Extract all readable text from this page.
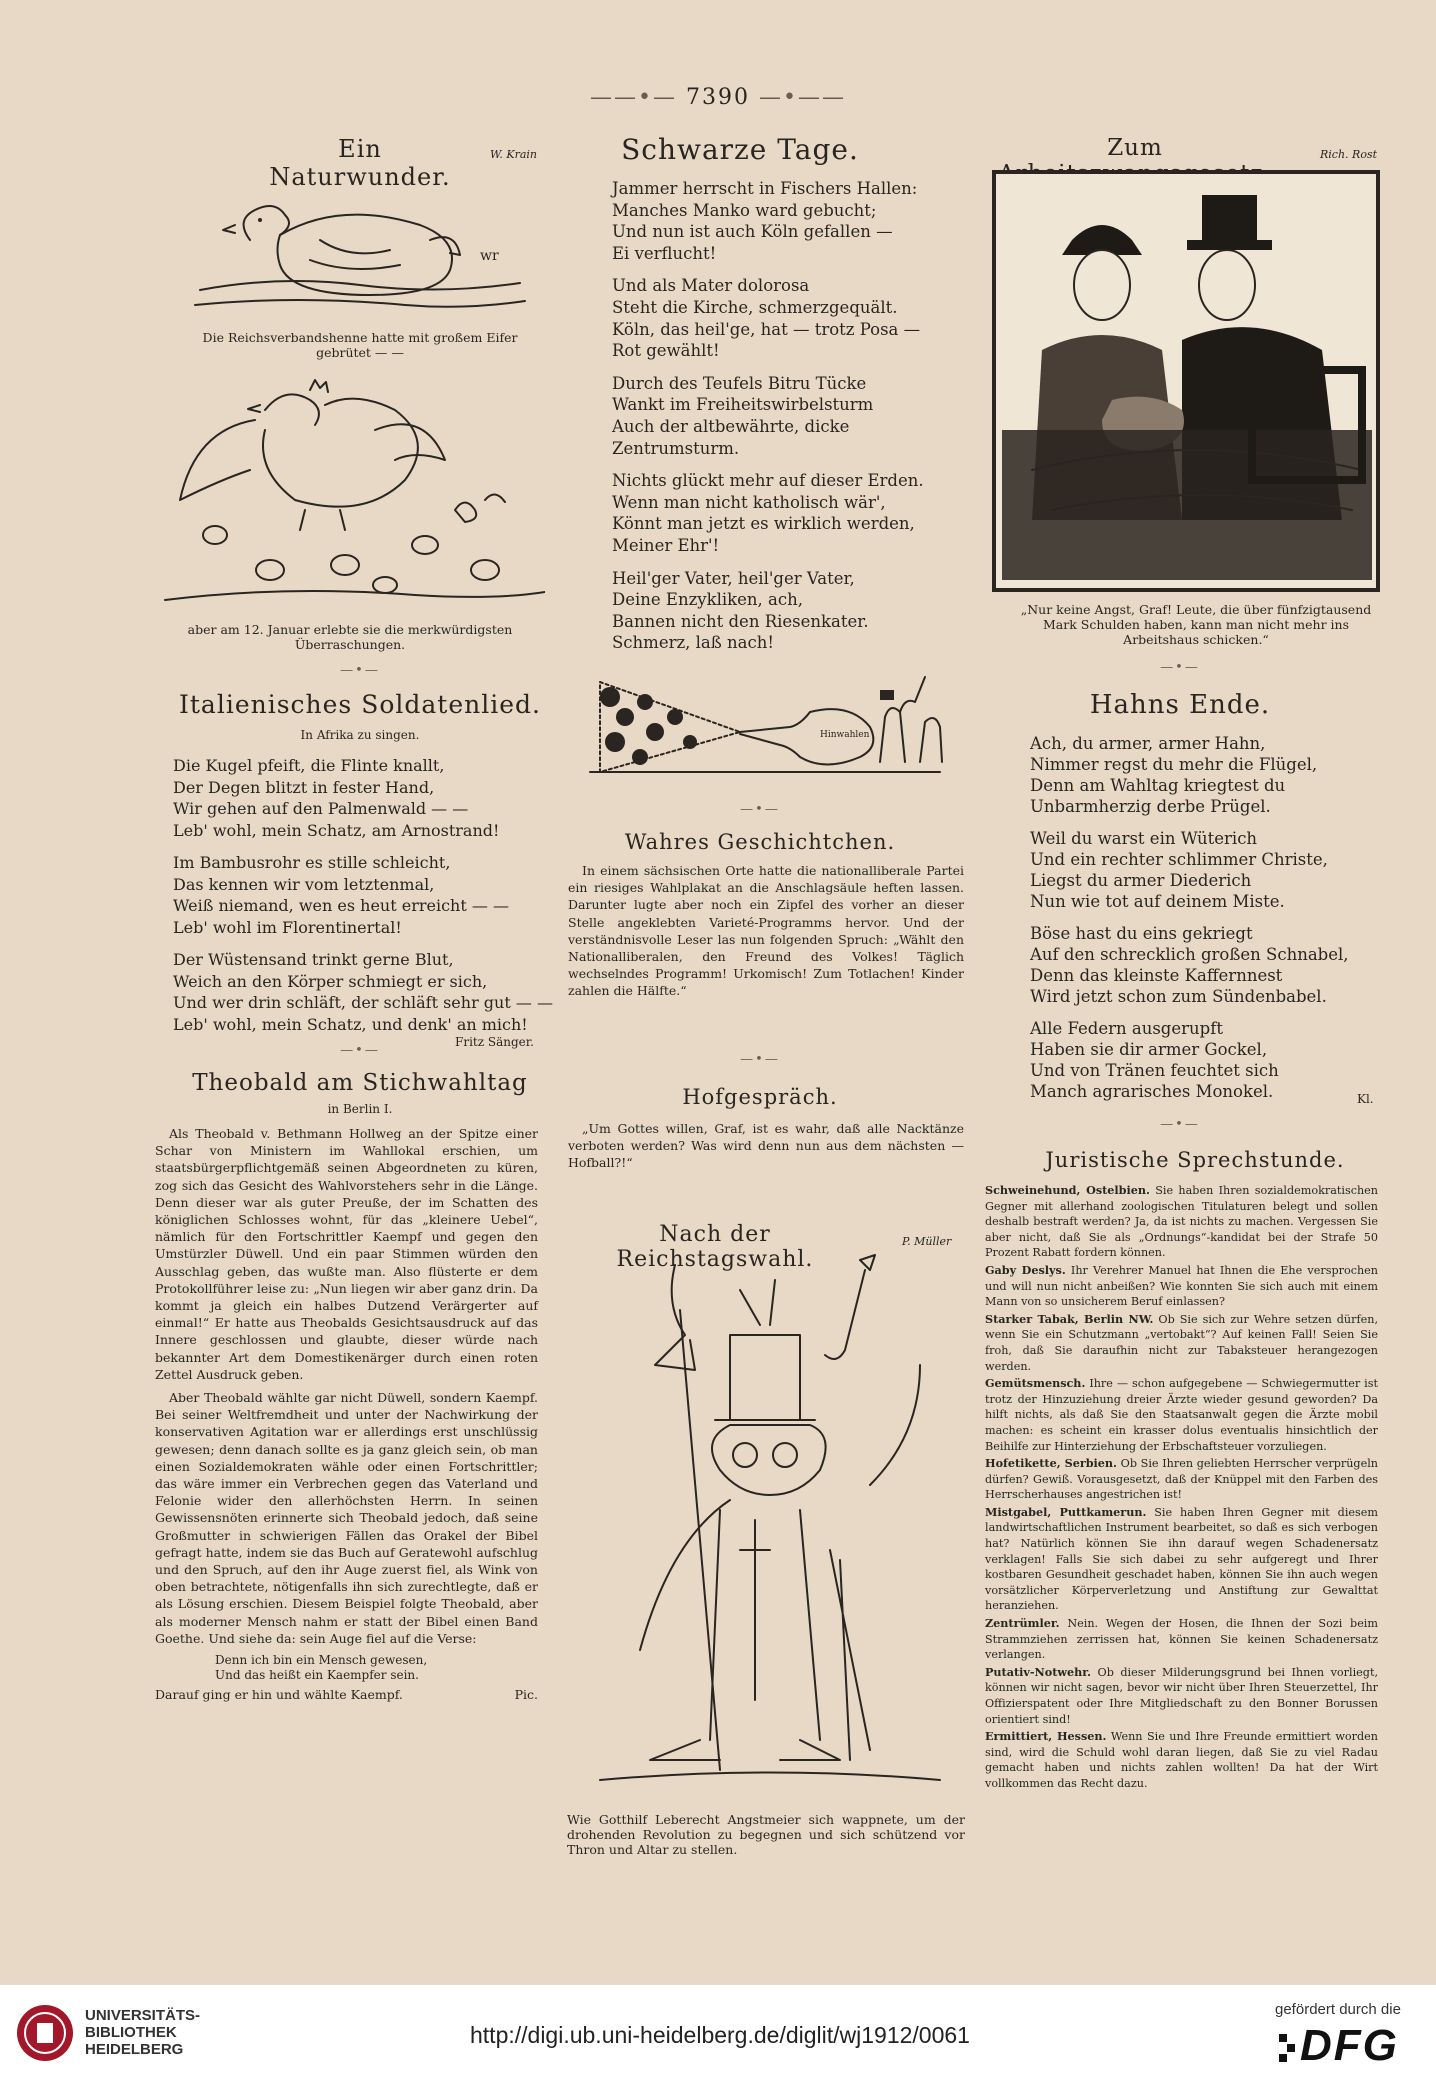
——•— 7390 —•——
Ein Naturwunder.
W. Krain
wr
Die Reichsverbandshenne hatte mit großem Eifer gebrütet — —
aber am 12. Januar erlebte sie die merkwürdigsten Überraschungen.
—•—
Italienisches Soldatenlied.
In Afrika zu singen.

Die Kugel pfeift, die Flinte knallt,
Der Degen blitzt in fester Hand,
Wir gehen auf den Palmenwald — —
Leb' wohl, mein Schatz, am Arnostrand!

Im Bambusrohr es stille schleicht,
Das kennen wir vom letztenmal,
Weiß niemand, wen es heut erreicht — —
Leb' wohl im Florentinertal!

Der Wüstensand trinkt gerne Blut,
Weich an den Körper schmiegt er sich,
Und wer drin schläft, der schläft sehr gut — —
Leb' wohl, mein Schatz, und denk' an mich!

Fritz Sänger.
—•—
Theobald am Stichwahltag
in Berlin I.

Als Theobald v. Bethmann Hollweg an der Spitze einer Schar von Ministern im Wahllokal erschien, um staatsbürgerpflichtgemäß seinen Abgeordneten zu küren, zog sich das Gesicht des Wahlvorstehers sehr in die Länge. Denn dieser war als guter Preuße, der im Schatten des königlichen Schlosses wohnt, für das „kleinere Uebel“, nämlich für den Fortschrittler Kaempf und gegen den Umstürzler Düwell. Und ein paar Stimmen würden den Ausschlag geben, das wußte man. Also flüsterte er dem Protokollführer leise zu: „Nun liegen wir aber ganz drin. Da kommt ja gleich ein halbes Dutzend Verärgerter auf einmal!“ Er hatte aus Theobalds Gesichtsausdruck auf das Innere geschlossen und glaubte, dieser würde nach bekannter Art dem Domestikenärger durch einen roten Zettel Ausdruck geben.

Aber Theobald wählte gar nicht Düwell, sondern Kaempf. Bei seiner Weltfremdheit und unter der Nachwirkung der konservativen Agitation war er allerdings erst unschlüssig gewesen; denn danach sollte es ja ganz gleich sein, ob man einen Sozialdemokraten wähle oder einen Fortschrittler; das wäre immer ein Verbrechen gegen das Vaterland und Felonie wider den allerhöchsten Herrn. In seinen Gewissensnöten erinnerte sich Theobald jedoch, daß seine Großmutter in schwierigen Fällen das Orakel der Bibel gefragt hatte, indem sie das Buch auf Geratewohl aufschlug und den Spruch, auf den ihr Auge zuerst fiel, als Wink von oben betrachtete, nötigenfalls ihn sich zurechtlegte, daß er als Lösung erschien. Diesem Beispiel folgte Theobald, aber als moderner Mensch nahm er statt der Bibel einen Band Goethe. Und siehe da: sein Auge fiel auf die Verse:

Denn ich bin ein Mensch gewesen,
Und das heißt ein Kaempfer sein.
Darauf ging er hin und wählte Kaempf.	Pic.
Schwarze Tage.

Jammer herrscht in Fischers Hallen:
Manches Manko ward gebucht;
Und nun ist auch Köln gefallen —
Ei verflucht!

Und als Mater dolorosa
Steht die Kirche, schmerzgequält.
Köln, das heil'ge, hat — trotz Posa —
Rot gewählt!

Durch des Teufels Bitru Tücke
Wankt im Freiheitswirbelsturm
Auch der altbewährte, dicke
Zentrumsturm.

Nichts glückt mehr auf dieser Erden.
Wenn man nicht katholisch wär',
Könnt man jetzt es wirklich werden,
Meiner Ehr'!

Heil'ger Vater, heil'ger Vater,
Deine Enzykliken, ach,
Bannen nicht den Riesenkater.
Schmerz, laß nach!

Hinwahlen
—•—
Wahres Geschichtchen.
In einem sächsischen Orte hatte die nationalliberale Partei ein riesiges Wahlplakat an die Anschlagsäule heften lassen. Darunter lugte aber noch ein Zipfel des vorher an dieser Stelle angeklebten Varieté-Programms hervor. Und der verständnisvolle Leser las nun folgenden Spruch: „Wählt den Nationalliberalen, den Freund des Volkes! Täglich wechselndes Programm! Urkomisch! Zum Totlachen! Kinder zahlen die Hälfte.“
—•—
Hofgespräch.
„Um Gottes willen, Graf, ist es wahr, daß alle Nacktänze verboten werden? Was wird denn nun aus dem nächsten — Hofball?!“
Nach der Reichstagswahl.
P. Müller
Wie Gotthilf Leberecht Angstmeier sich wappnete, um der drohenden Revolution zu begegnen und sich schützend vor Thron und Altar zu stellen.
Zum	Rich. Rost
„Nur keine Angst, Graf! Leute, die über fünfzigtausend Mark Schulden haben, kann man nicht mehr ins Arbeitshaus schicken.“
—•—
Hahns Ende.

Ach, du armer, armer Hahn,
Nimmer regst du mehr die Flügel,
Denn am Wahltag kriegtest du
Unbarmherzig derbe Prügel.

Weil du warst ein Wüterich
Und ein rechter schlimmer Christe,
Liegst du armer Diederich
Nun wie tot auf deinem Miste.

Böse hast du eins gekriegt
Auf den schrecklich großen Schnabel,
Denn das kleinste Kaffernnest
Wird jetzt schon zum Sündenbabel.

Alle Federn ausgerupft
Haben sie dir armer Gockel,
Und von Tränen feuchtet sich
Manch agrarisches Monokel.	Kl.
—•—
Juristische Sprechstunde.
Schweinehund, Ostelbien. Sie haben Ihren sozialdemokratischen Gegner mit allerhand zoologischen Titulaturen belegt und sollen deshalb bestraft werden? Ja, da ist nichts zu machen. Vergessen Sie aber nicht, daß Sie als „Ordnungs“-kandidat bei der Strafe 50 Prozent Rabatt fordern können.
Gaby Deslys. Ihr Verehrer Manuel hat Ihnen die Ehe versprochen und will nun nicht anbeißen? Wie konnten Sie sich auch mit einem Mann von so unsicherem Beruf einlassen?
Starker Tabak, Berlin NW. Ob Sie sich zur Wehre setzen dürfen, wenn Sie ein Schutzmann „vertobakt“? Auf keinen Fall! Seien Sie froh, daß Sie daraufhin nicht zur Tabaksteuer herangezogen werden.
Gemütsmensch. Ihre — schon aufgegebene — Schwiegermutter ist trotz der Hinzuziehung dreier Ärzte wieder gesund geworden? Da hilft nichts, als daß Sie den Staatsanwalt gegen die Ärzte mobil machen: es scheint ein krasser dolus eventualis hinsichtlich der Beihilfe zur Hinterziehung der Erbschaftsteuer vorzuliegen.
Hofetikette, Serbien. Ob Sie Ihren geliebten Herrscher verprügeln dürfen? Gewiß. Vorausgesetzt, daß der Knüppel mit den Farben des Herrscherhauses angestrichen ist!
Mistgabel, Puttkamerun. Sie haben Ihren Gegner mit diesem landwirtschaftlichen Instrument bearbeitet, so daß es sich verbogen hat? Natürlich können Sie ihn darauf wegen Schadenersatz verklagen! Falls Sie sich dabei zu sehr aufgeregt und Ihrer kostbaren Gesundheit geschadet haben, können Sie ihn auch wegen vorsätzlicher Körperverletzung und Anstiftung zur Gewalttat heranziehen.
Zentrümler. Nein. Wegen der Hosen, die Ihnen der Sozi beim Strammziehen zerrissen hat, können Sie keinen Schadenersatz verlangen.
Putativ-Notwehr. Ob dieser Milderungsgrund bei Ihnen vorliegt, können wir nicht sagen, bevor wir nicht über Ihren Steuerzettel, Ihr Offizierspatent oder Ihre Mitgliedschaft zu den Bonner Borussen orientiert sind!
Ermittiert, Hessen. Wenn Sie und Ihre Freunde ermittiert worden sind, wird die Schuld wohl daran liegen, daß Sie zu viel Radau gemacht haben und nichts zahlen wollten! Da hat der Wirt vollkommen das Recht dazu.
UNIVERSITÄTS-
BIBLIOTHEK
HEIDELBERG
http://digi.ub.uni-heidelberg.de/diglit/wj1912/0061
gefördert durch die
DFG
